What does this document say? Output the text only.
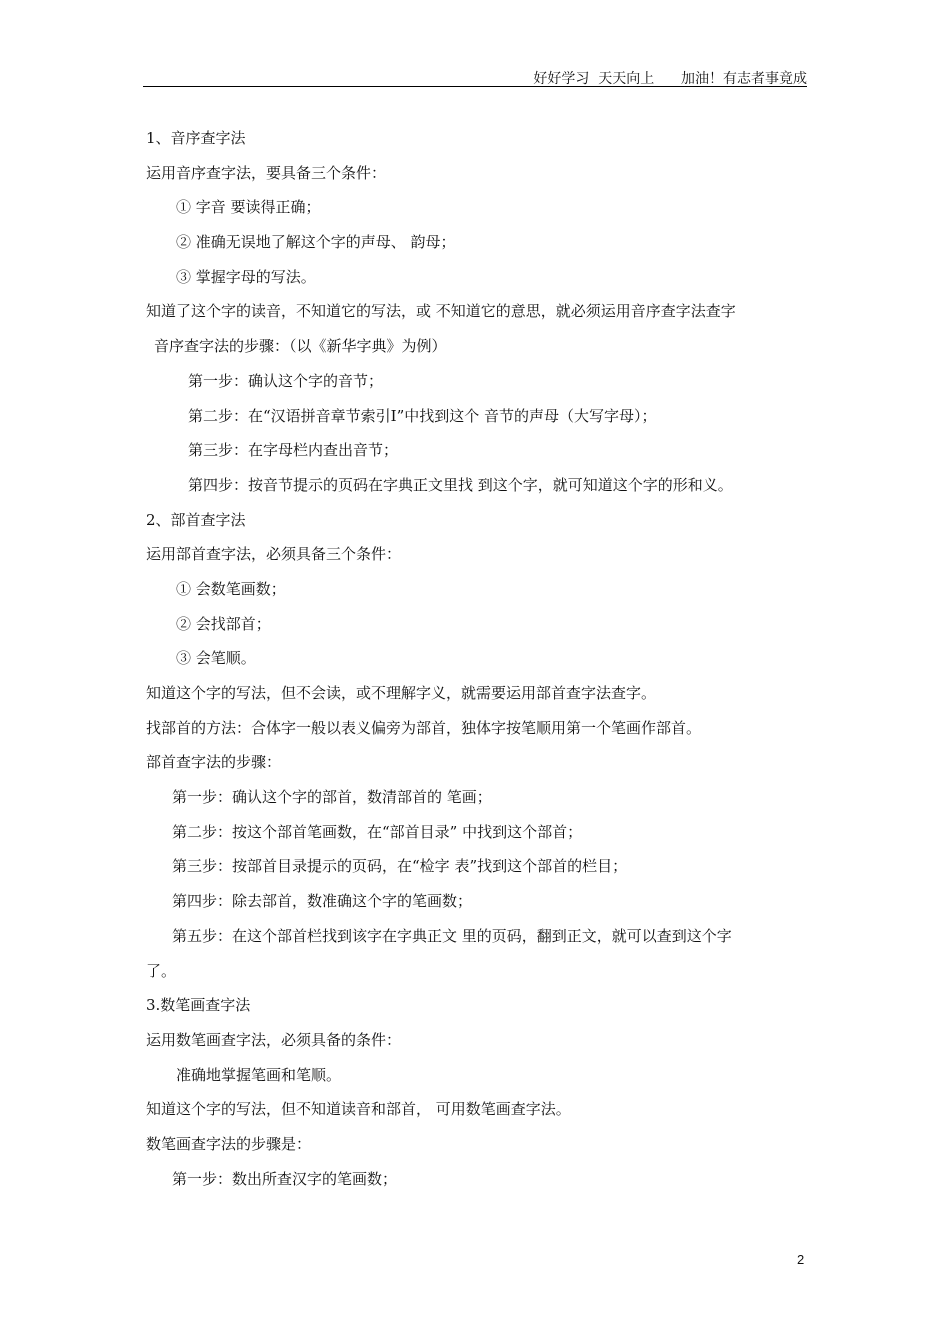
好好学习  天天向上      加油！有志者事竟成
1、音序查字法
运用音序查字法，要具备三个条件：
① 字音 要读得正确；
② 准确无误地了解这个字的声母、 韵母；
③ 掌握字母的写法。
知道了这个字的读音，不知道它的写法，或 不知道它的意思，就必须运用音序查字法查字
音序查字法的步骤：（以《新华字典》为例）
第一步：确认这个字的音节；
第二步：在“汉语拼音章节索引Ⅰ”中找到这个 音节的声母（大写字母）；
第三步：在字母栏内查出音节；
第四步：按音节提示的页码在字典正文里找 到这个字，就可知道这个字的形和义。
2、部首查字法
运用部首查字法，必须具备三个条件：
① 会数笔画数；
② 会找部首；
③ 会笔顺。
知道这个字的写法，但不会读，或不理解字义，就需要运用部首查字法查字。
找部首的方法：合体字一般以表义偏旁为部首，独体字按笔顺用第一个笔画作部首。
部首查字法的步骤：
第一步：确认这个字的部首，数清部首的 笔画；
第二步：按这个部首笔画数，在“部首目录” 中找到这个部首；
第三步：按部首目录提示的页码，在“检字 表”找到这个部首的栏目；
第四步：除去部首，数准确这个字的笔画数；
第五步：在这个部首栏找到该字在字典正文 里的页码，翻到正文，就可以查到这个字
了。
3.数笔画查字法
运用数笔画查字法，必须具备的条件：
准确地掌握笔画和笔顺。
知道这个字的写法，但不知道读音和部首， 可用数笔画查字法。
数笔画查字法的步骤是：
第一步：数出所查汉字的笔画数；
2
